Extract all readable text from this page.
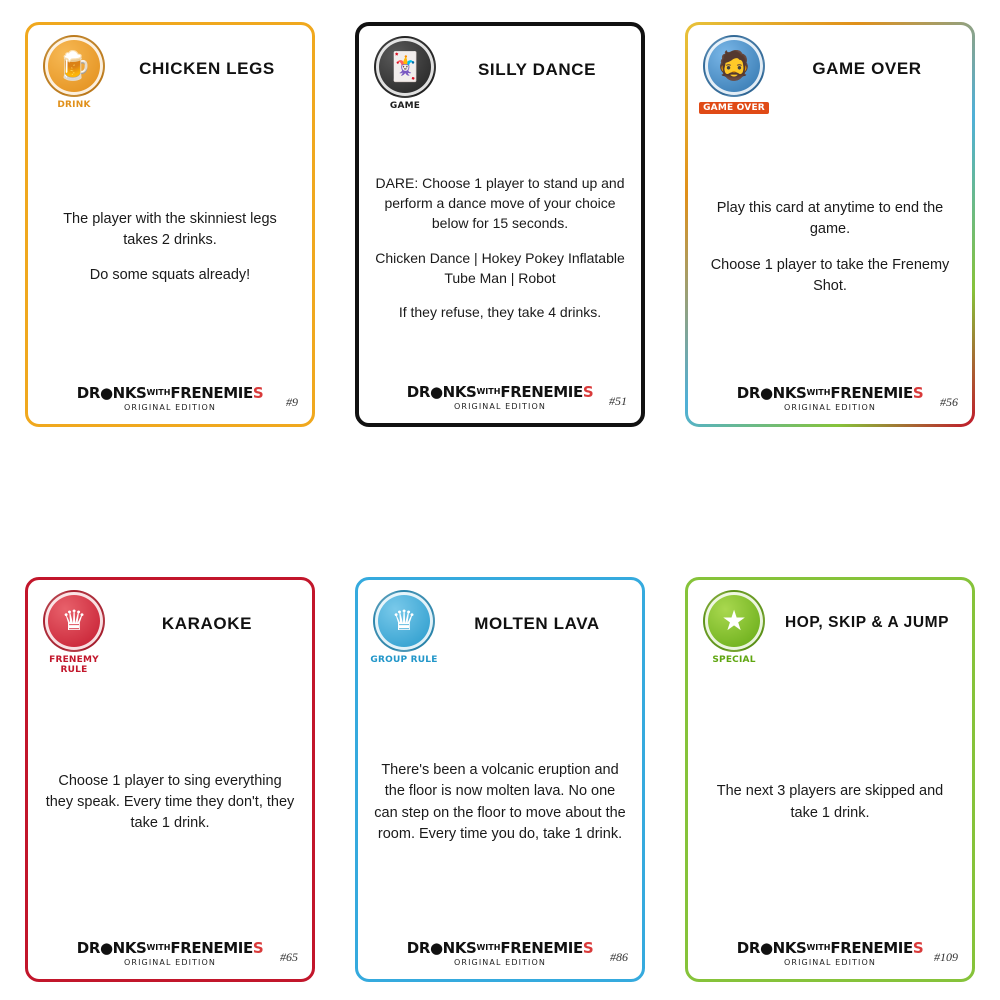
🍺
DRINK
CHICKEN LEGS

The player with the skinniest legs takes 2 drinks.

Do some squats already!

$DR●NKS^{WITH}FRENEMIES$
ORIGINAL EDITION	#9
🃏
GAME
SILLY DANCE

DARE: Choose 1 player to stand up and perform a dance move of your choice below for 15 seconds.

Chicken Dance | Hokey Pokey Inflatable Tube Man | Robot

If they refuse, they take 4 drinks.

$DR●NKS^{WITH}FRENEMIES$
ORIGINAL EDITION	#51
🧔
GAME OVER
GAME OVER

Play this card at anytime to end the game.

Choose 1 player to take the Frenemy Shot.

$DR●NKS^{WITH}FRENEMIES$
ORIGINAL EDITION	#56
♛
FRENEMY RULE
KARAOKE

Choose 1 player to sing everything they speak. Every time they don't, they take 1 drink.

$DR●NKS^{WITH}FRENEMIES$
ORIGINAL EDITION	#65
♛
GROUP RULE
MOLTEN LAVA

There's been a volcanic eruption and the floor is now molten lava. No one can step on the floor to move about the room. Every time you do, take 1 drink.

$DR●NKS^{WITH}FRENEMIES$
ORIGINAL EDITION	#86
★
SPECIAL
HOP, SKIP & A JUMP

The next 3 players are skipped and take 1 drink.

$DR●NKS^{WITH}FRENEMIES$
ORIGINAL EDITION	#109
